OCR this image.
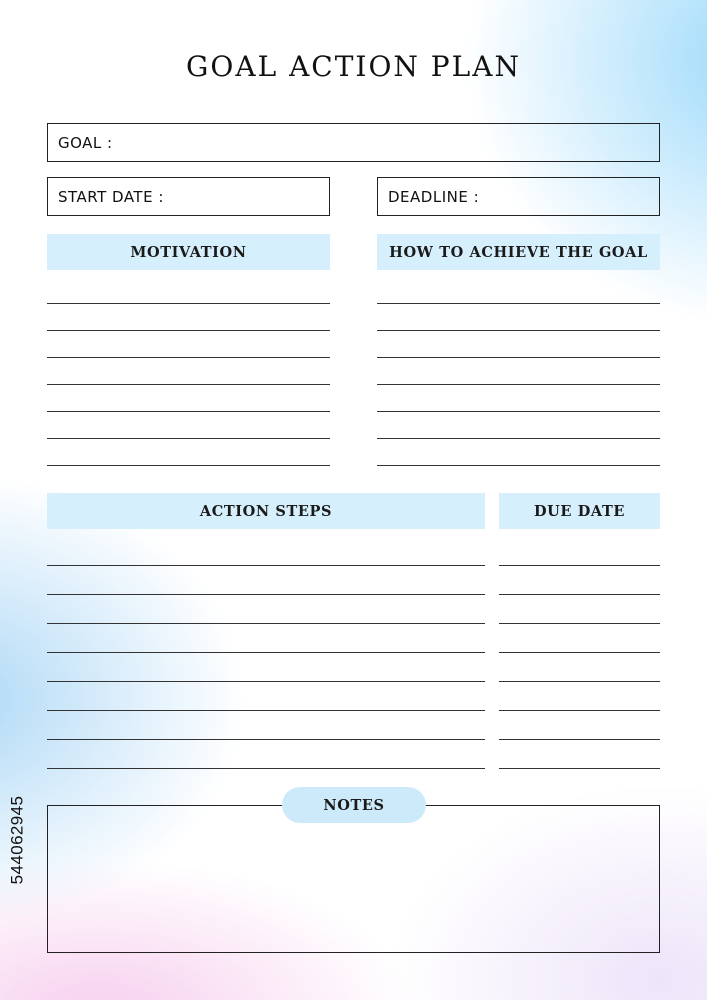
GOAL ACTION PLAN
GOAL :
START DATE :	DEADLINE :
MOTIVATION	HOW TO ACHIEVE THE GOAL
ACTION STEPS	DUE DATE
NOTES
544062945
